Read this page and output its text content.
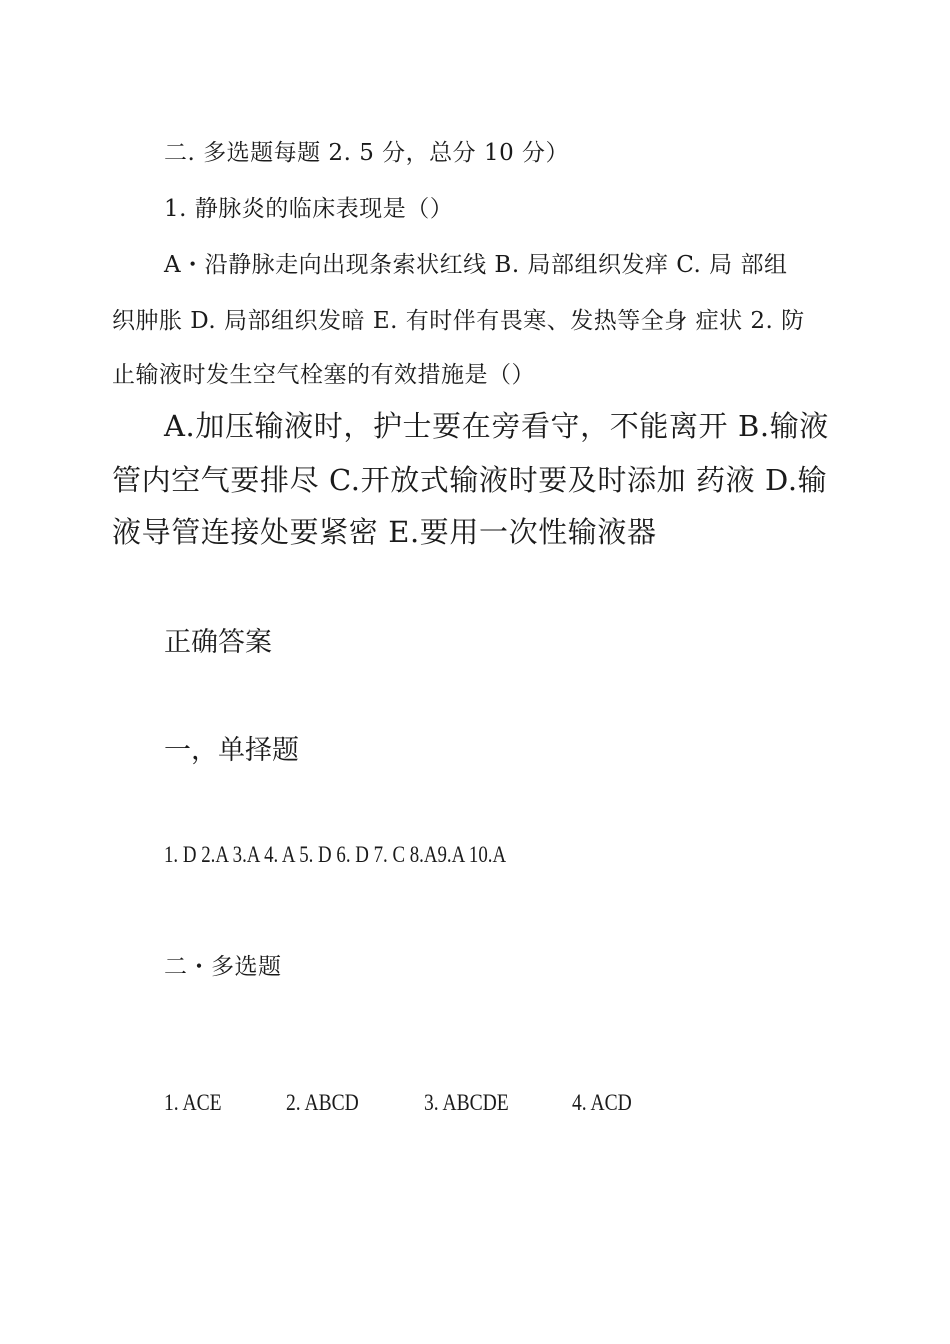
二. 多选题每题 2. 5 分，总分 10 分）

1. 静脉炎的临床表现是（）

A・沿静脉走向出现条索状红线 B. 局部组织发痒 C. 局 部组

织肿胀 D. 局部组织发暗 E. 有时伴有畏寒、发热等全身 症状 2. 防

止输液时发生空气栓塞的有效措施是（）

A.加压输液时，护士要在旁看守，不能离开 B.输液

管内空气要排尽 C.开放式输液时要及时添加 药液 D.输

液导管连接处要紧密 E.要用一次性输液器

正确答案

一，单择题

1. D 2.A 3.A 4. A 5. D 6. D 7. C 8.A9.A 10.A

二・多选题

1. ACE	2. ABCD	3. ABCDE	4. ACD
